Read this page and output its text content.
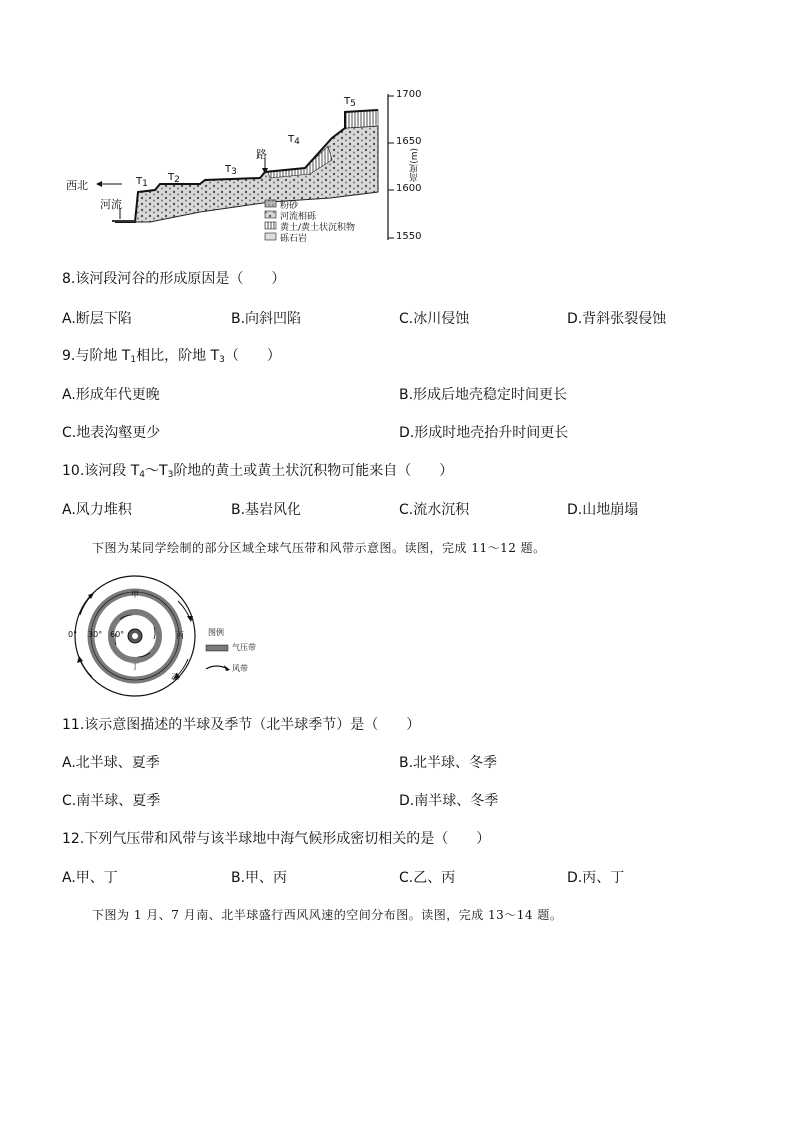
$T_1$
$T_2$
$T_3$
$T_4$
$T_5$
西北
河流
路
1700
1650
1600
1550
高度(m)
粉砂
河流相砾
黄土/黄土状沉积物
砾石岩
8.该河段河谷的形成原因是（　　）
A.断层下陷	B.向斜凹陷	C.冰川侵蚀	D.背斜张裂侵蚀
9.与阶地 $T_1$相比，阶地 $T_3$（　　）
A.形成年代更晚	B.形成后地壳稳定时间更长
C.地表沟壑更少	D.形成时地壳抬升时间更长
10.该河段 $T_4\sim T_3$阶地的黄土或黄土状沉积物可能来自（　　）
A.风力堆积	B.基岩风化	C.流水沉积	D.山地崩塌
下图为某同学绘制的部分区域全球气压带和风带示意图。读图，完成 11～12 题。
0° 30° 60°
甲
乙
丙
丁
图例
气压带
风带
11.该示意图描述的半球及季节（北半球季节）是（　　）
A.北半球、夏季	B.北半球、冬季
C.南半球、夏季	D.南半球、冬季
12.下列气压带和风带与该半球地中海气候形成密切相关的是（　　）
A.甲、丁	B.甲、丙	C.乙、丙	D.丙、丁
下图为 1 月、7 月南、北半球盛行西风风速的空间分布图。读图，完成 13～14 题。
